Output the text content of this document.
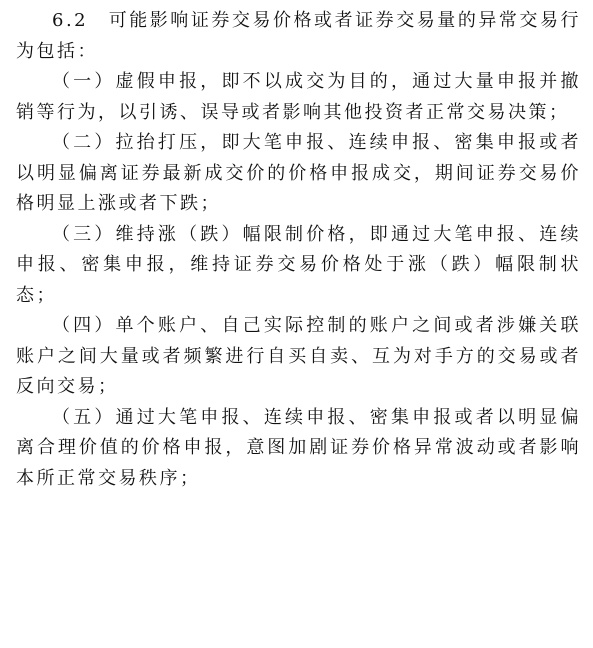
6.2　可能影响证券交易价格或者证券交易量的异常交易行为包括：

（一）虚假申报，即不以成交为目的，通过大量申报并撤销等行为，以引诱、误导或者影响其他投资者正常交易决策；

（二）拉抬打压，即大笔申报、连续申报、密集申报或者以明显偏离证券最新成交价的价格申报成交，期间证券交易价格明显上涨或者下跌；

（三）维持涨（跌）幅限制价格，即通过大笔申报、连续申报、密集申报，维持证券交易价格处于涨（跌）幅限制状态；

（四）单个账户、自己实际控制的账户之间或者涉嫌关联账户之间大量或者频繁进行自买自卖、互为对手方的交易或者反向交易；

（五）通过大笔申报、连续申报、密集申报或者以明显偏离合理价值的价格申报，意图加剧证券价格异常波动或者影响本所正常交易秩序；
